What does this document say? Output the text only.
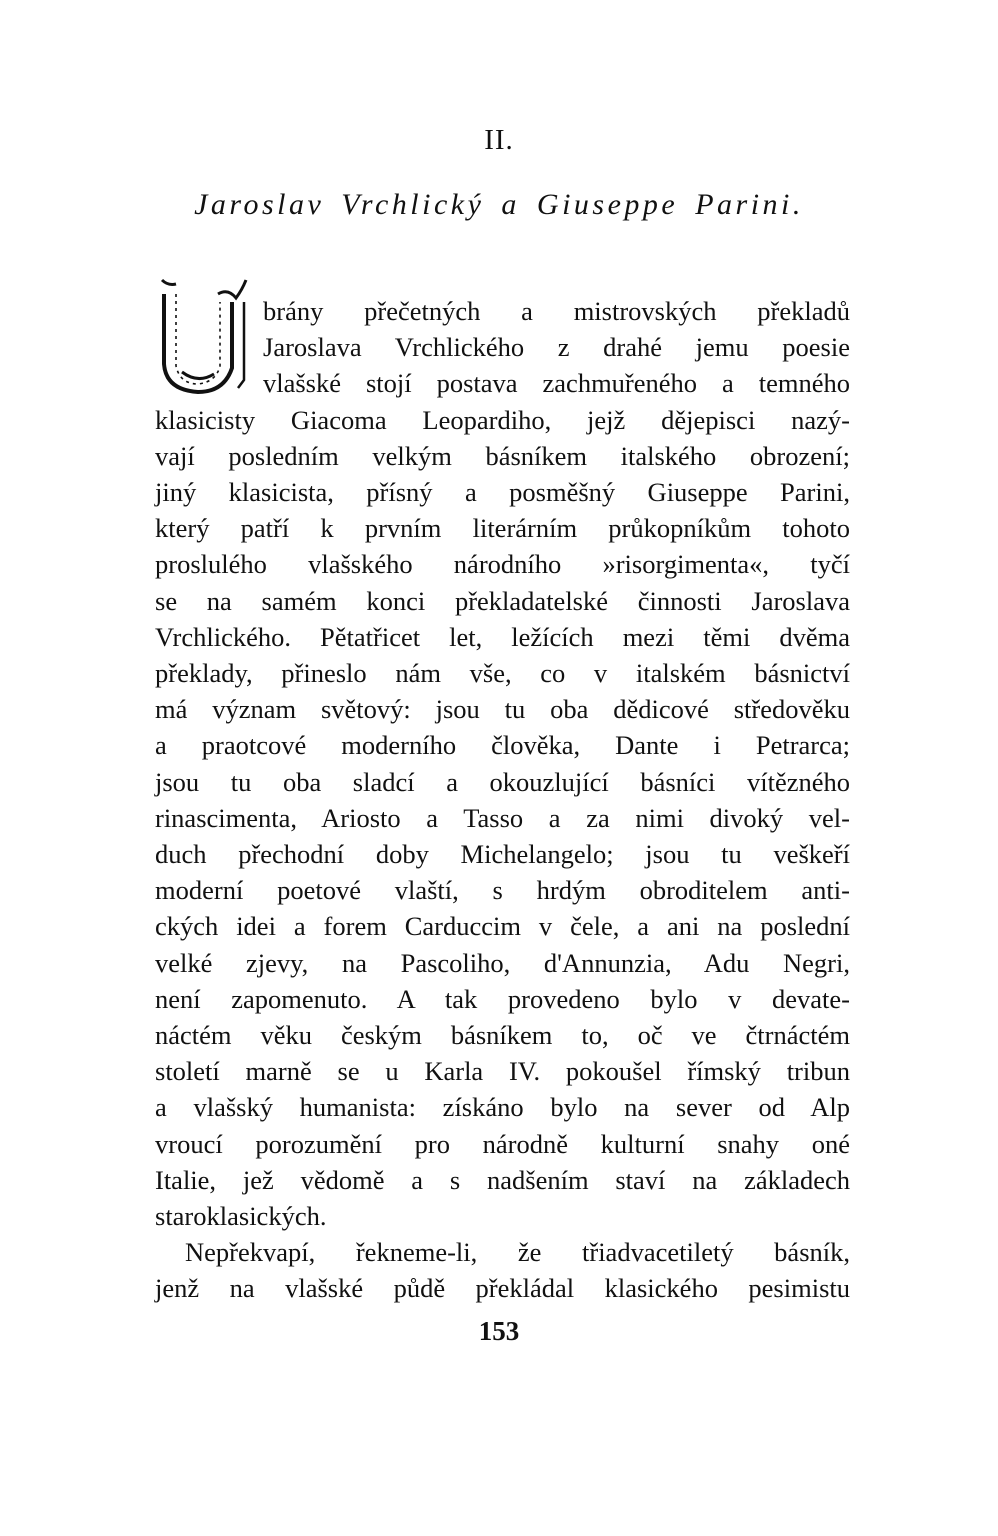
II.
Jaroslav Vrchlický a Giuseppe Parini.

brány přečetných a mistrovských překladů
Jaroslava Vrchlického z drahé jemu poesie
vlašské stojí postava zachmuřeného a temného
klasicisty Giacoma Leopardiho, jejž dějepisci nazý-
vají posledním velkým básníkem italského obrození;
jiný klasicista, přísný a posměšný Giuseppe Parini,
který patří k prvním literárním průkopníkům tohoto
proslulého vlašského národního »risorgimenta«, tyčí
se na samém konci překladatelské činnosti Jaroslava
Vrchlického. Pětatřicet let, ležících mezi těmi dvěma
překlady, přineslo nám vše, co v italském básnictví
má význam světový: jsou tu oba dědicové středověku
a praotcové moderního člověka, Dante i Petrarca;
jsou tu oba sladcí a okouzlující básníci vítězného
rinascimenta, Ariosto a Tasso a za nimi divoký vel-
duch přechodní doby Michelangelo; jsou tu veškeří
moderní poetové vlaští, s hrdým obroditelem anti-
ckých idei a forem Carduccim v čele, a ani na poslední
velké zjevy, na Pascoliho, d'Annunzia, Adu Negri,
není zapomenuto. A tak provedeno bylo v devate-
náctém věku českým básníkem to, oč ve čtrnáctém
století marně se u Karla IV. pokoušel římský tribun
a vlašský humanista: získáno bylo na sever od Alp
vroucí porozumění pro národně kulturní snahy oné
Italie, jež vědomě a s nadšením staví na základech
staroklasických.

Nepřekvapí, řekneme-li, že třiadvacetiletý básník,
jenž na vlašské půdě překládal klasického pesimistu

153
